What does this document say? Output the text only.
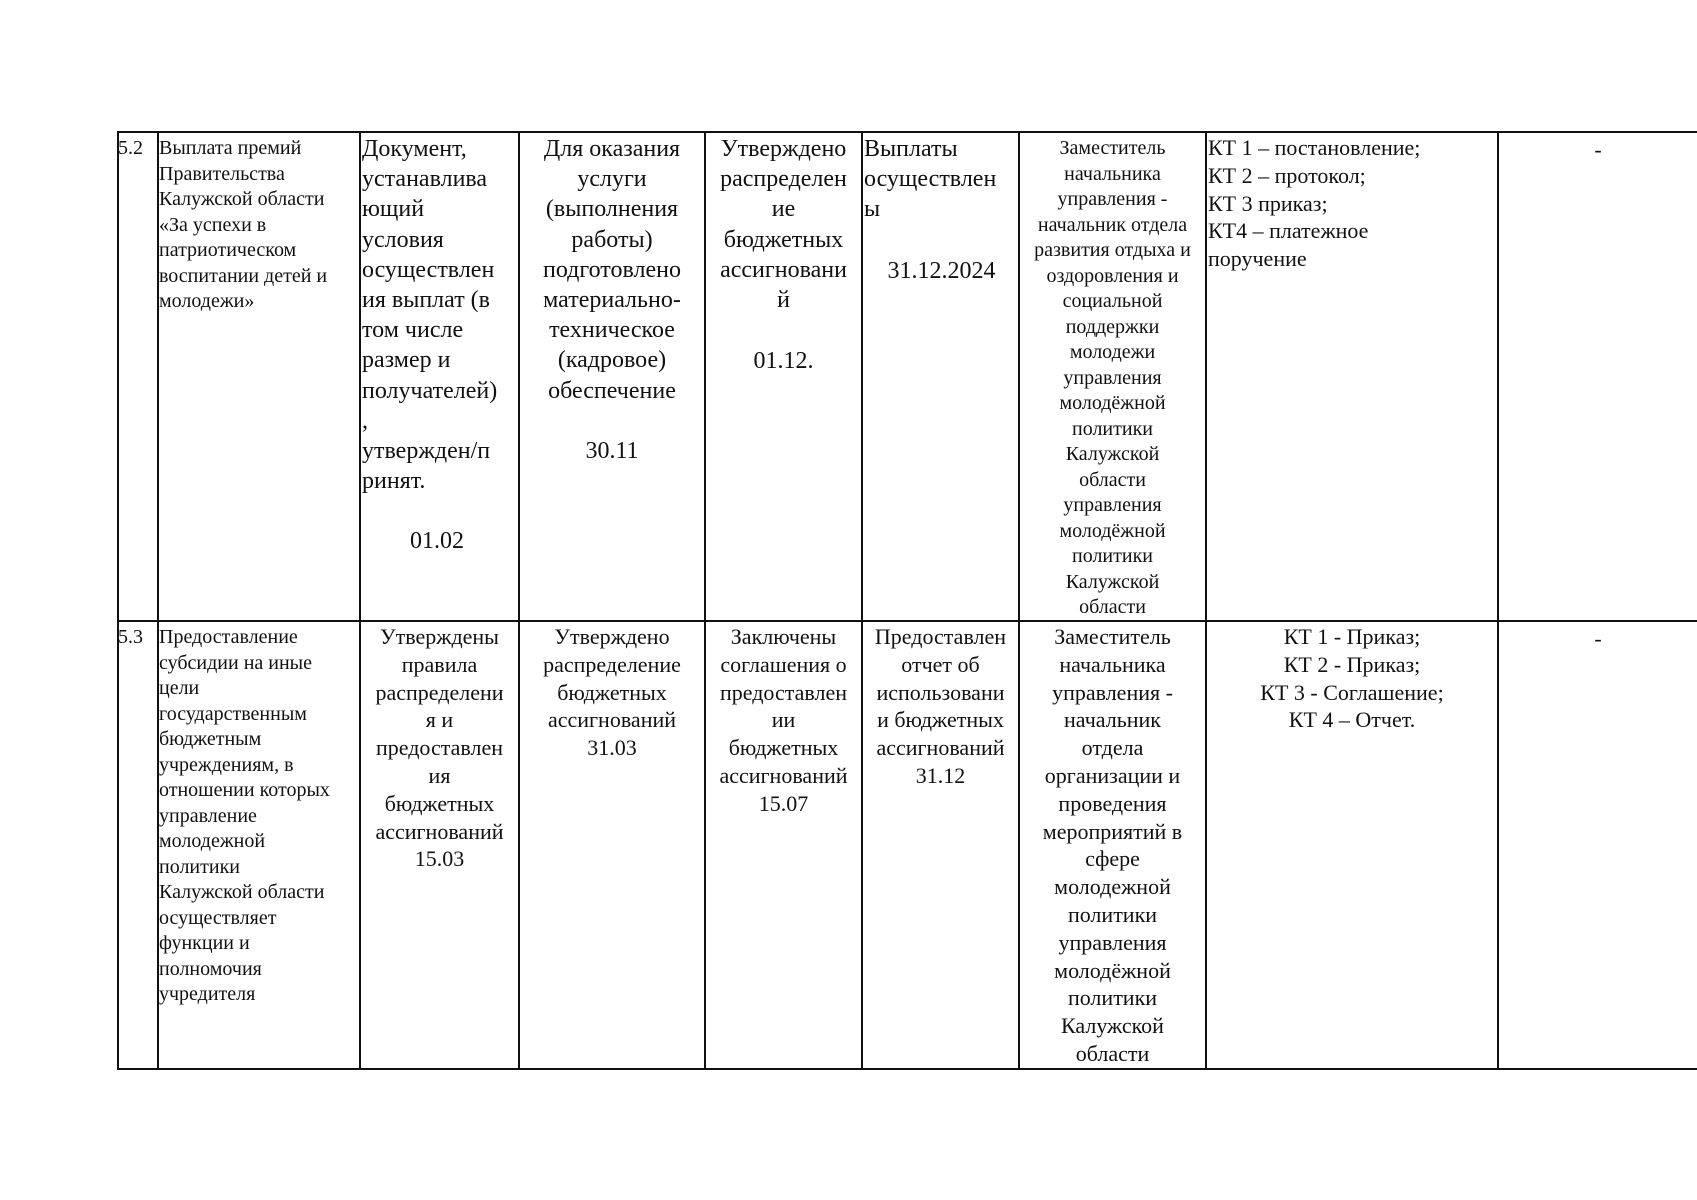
5.2 Выплата премий
Правительства
Калужской области
«За успехи в
патриотическом
воспитании детей и
молодежи»
Документ,
устанавлива
ющий
условия
осуществлен
ия выплат (в
том числе
размер и
получателей)
,
утвержден/п
ринят.
01.02
Для оказания
услуги
(выполнения
работы)
подготовлено
материально-
техническое
(кадровое)
обеспечение
30.11
Утверждено
распределен
ие
бюджетных
ассигновани
й
01.12.
Выплаты
осуществлен
ы
31.12.2024
Заместитель
начальника
управления -
начальник отдела
развития отдыха и
оздоровления и
социальной
поддержки
молодежи
управления
молодёжной
политики
Калужской
области
управления
молодёжной
политики
Калужской
области
КТ 1 – постановление;
КТ 2 – протокол;
КТ 3 приказ;
КТ4 – платежное
поручение
-
5.3 Предоставление
субсидии на иные
цели
государственным
бюджетным
учреждениям, в
отношении которых
управление
молодежной
политики
Калужской области
осуществляет
функции и
полномочия
учредителя
Утверждены
правила
распределени
я и
предоставлен
ия
бюджетных
ассигнований
15.03
Утверждено
распределение
бюджетных
ассигнований
31.03
Заключены
соглашения о
предоставлен
ии
бюджетных
ассигнований
15.07
Предоставлен
отчет об
использовани
и бюджетных
ассигнований
31.12
Заместитель
начальника
управления -
начальник
отдела
организации и
проведения
мероприятий в
сфере
молодежной
политики
управления
молодёжной
политики
Калужской
области
КТ 1 - Приказ;
КТ 2 - Приказ;
КТ 3 - Соглашение;
КТ 4 – Отчет.
-
